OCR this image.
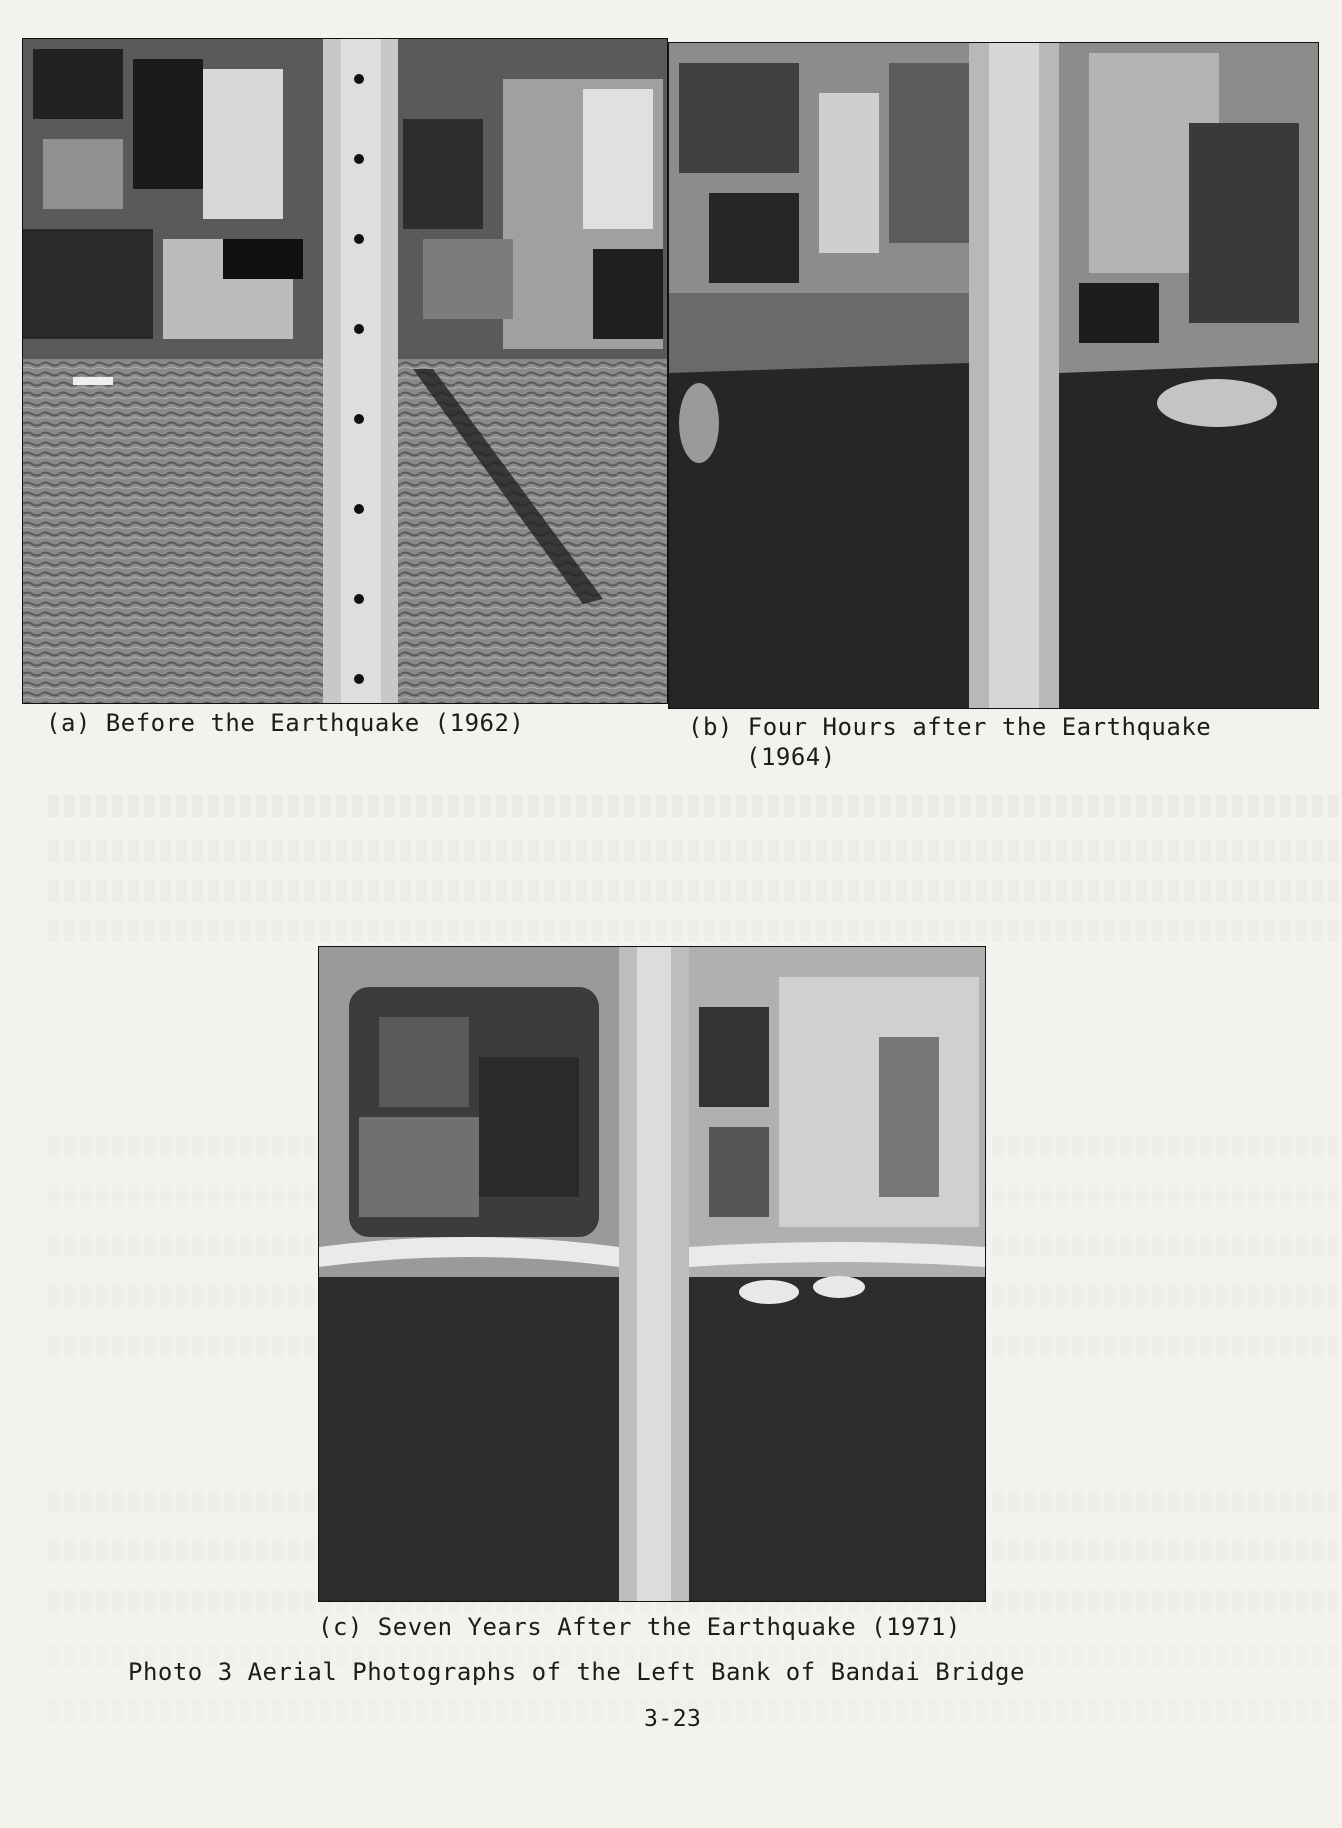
(a) Before the Earthquake (1962)	(b) Four Hours after the Earthquake
(1964)
(c) Seven Years After the Earthquake (1971)
Photo 3 Aerial Photographs of the Left Bank of Bandai Bridge
3-23
